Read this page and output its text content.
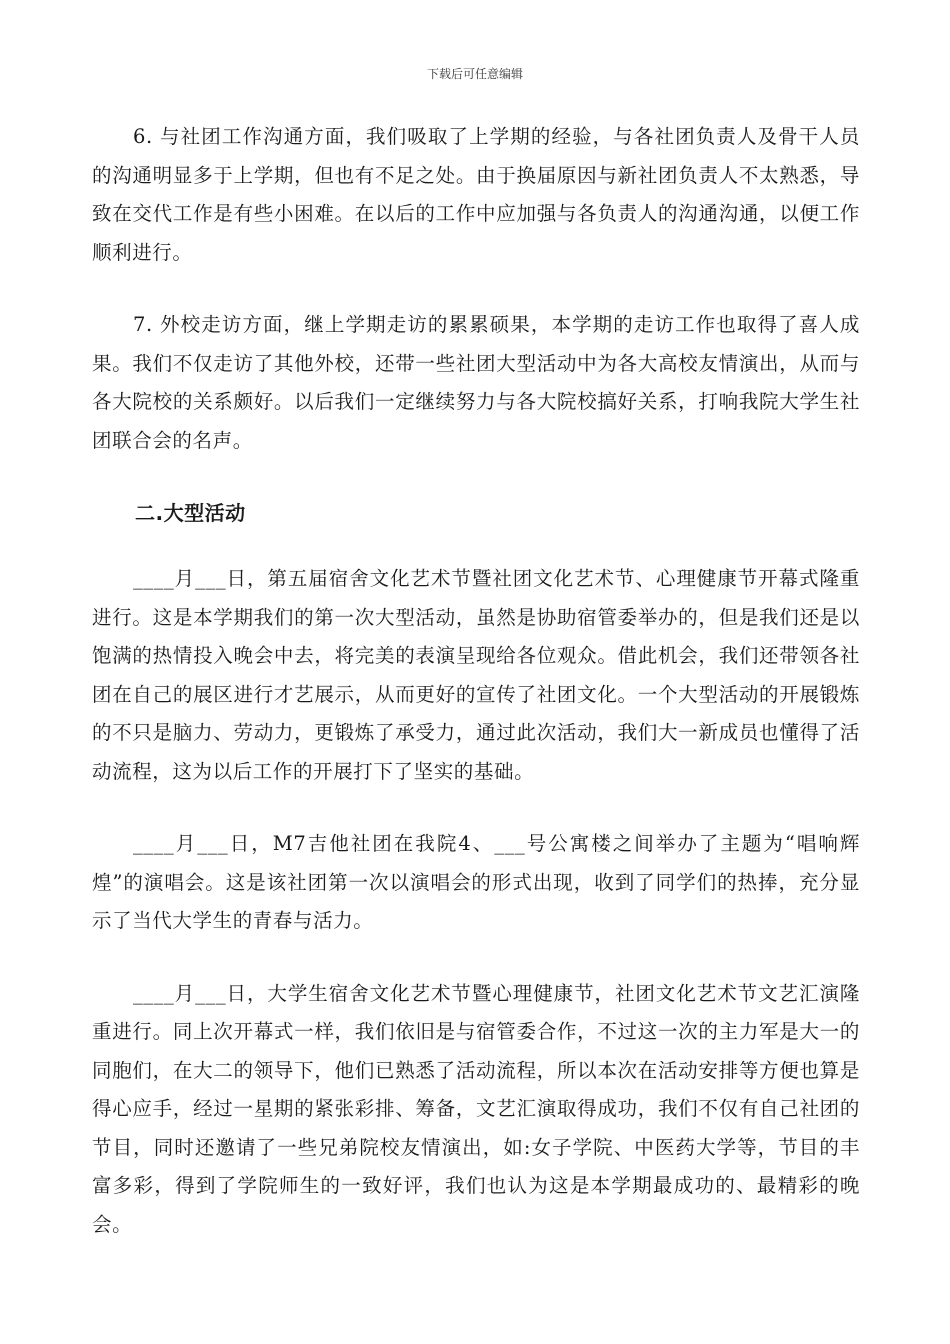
下载后可任意编辑

6. 与社团工作沟通方面，我们吸取了上学期的经验，与各社团负责人及骨干人员的沟通明显多于上学期，但也有不足之处。由于换届原因与新社团负责人不太熟悉，导致在交代工作是有些小困难。在以后的工作中应加强与各负责人的沟通沟通，以便工作顺利进行。

7. 外校走访方面，继上学期走访的累累硕果，本学期的走访工作也取得了喜人成果。我们不仅走访了其他外校，还带一些社团大型活动中为各大高校友情演出，从而与各大院校的关系颇好。以后我们一定继续努力与各大院校搞好关系，打响我院大学生社团联合会的名声。

二.大型活动

____月___日，第五届宿舍文化艺术节暨社团文化艺术节、心理健康节开幕式隆重进行。这是本学期我们的第一次大型活动，虽然是协助宿管委举办的，但是我们还是以饱满的热情投入晚会中去，将完美的表演呈现给各位观众。借此机会，我们还带领各社团在自己的展区进行才艺展示，从而更好的宣传了社团文化。一个大型活动的开展锻炼的不只是脑力、劳动力，更锻炼了承受力，通过此次活动，我们大一新成员也懂得了活动流程，这为以后工作的开展打下了坚实的基础。

____月___日，M7吉他社团在我院4、___号公寓楼之间举办了主题为“唱响辉煌”的演唱会。这是该社团第一次以演唱会的形式出现，收到了同学们的热捧，充分显示了当代大学生的青春与活力。

____月___日，大学生宿舍文化艺术节暨心理健康节，社团文化艺术节文艺汇演隆重进行。同上次开幕式一样，我们依旧是与宿管委合作，不过这一次的主力军是大一的同胞们，在大二的领导下，他们已熟悉了活动流程，所以本次在活动安排等方便也算是得心应手，经过一星期的紧张彩排、筹备，文艺汇演取得成功，我们不仅有自己社团的节目，同时还邀请了一些兄弟院校友情演出，如:女子学院、中医药大学等，节目的丰富多彩，得到了学院师生的一致好评，我们也认为这是本学期最成功的、最精彩的晚会。
